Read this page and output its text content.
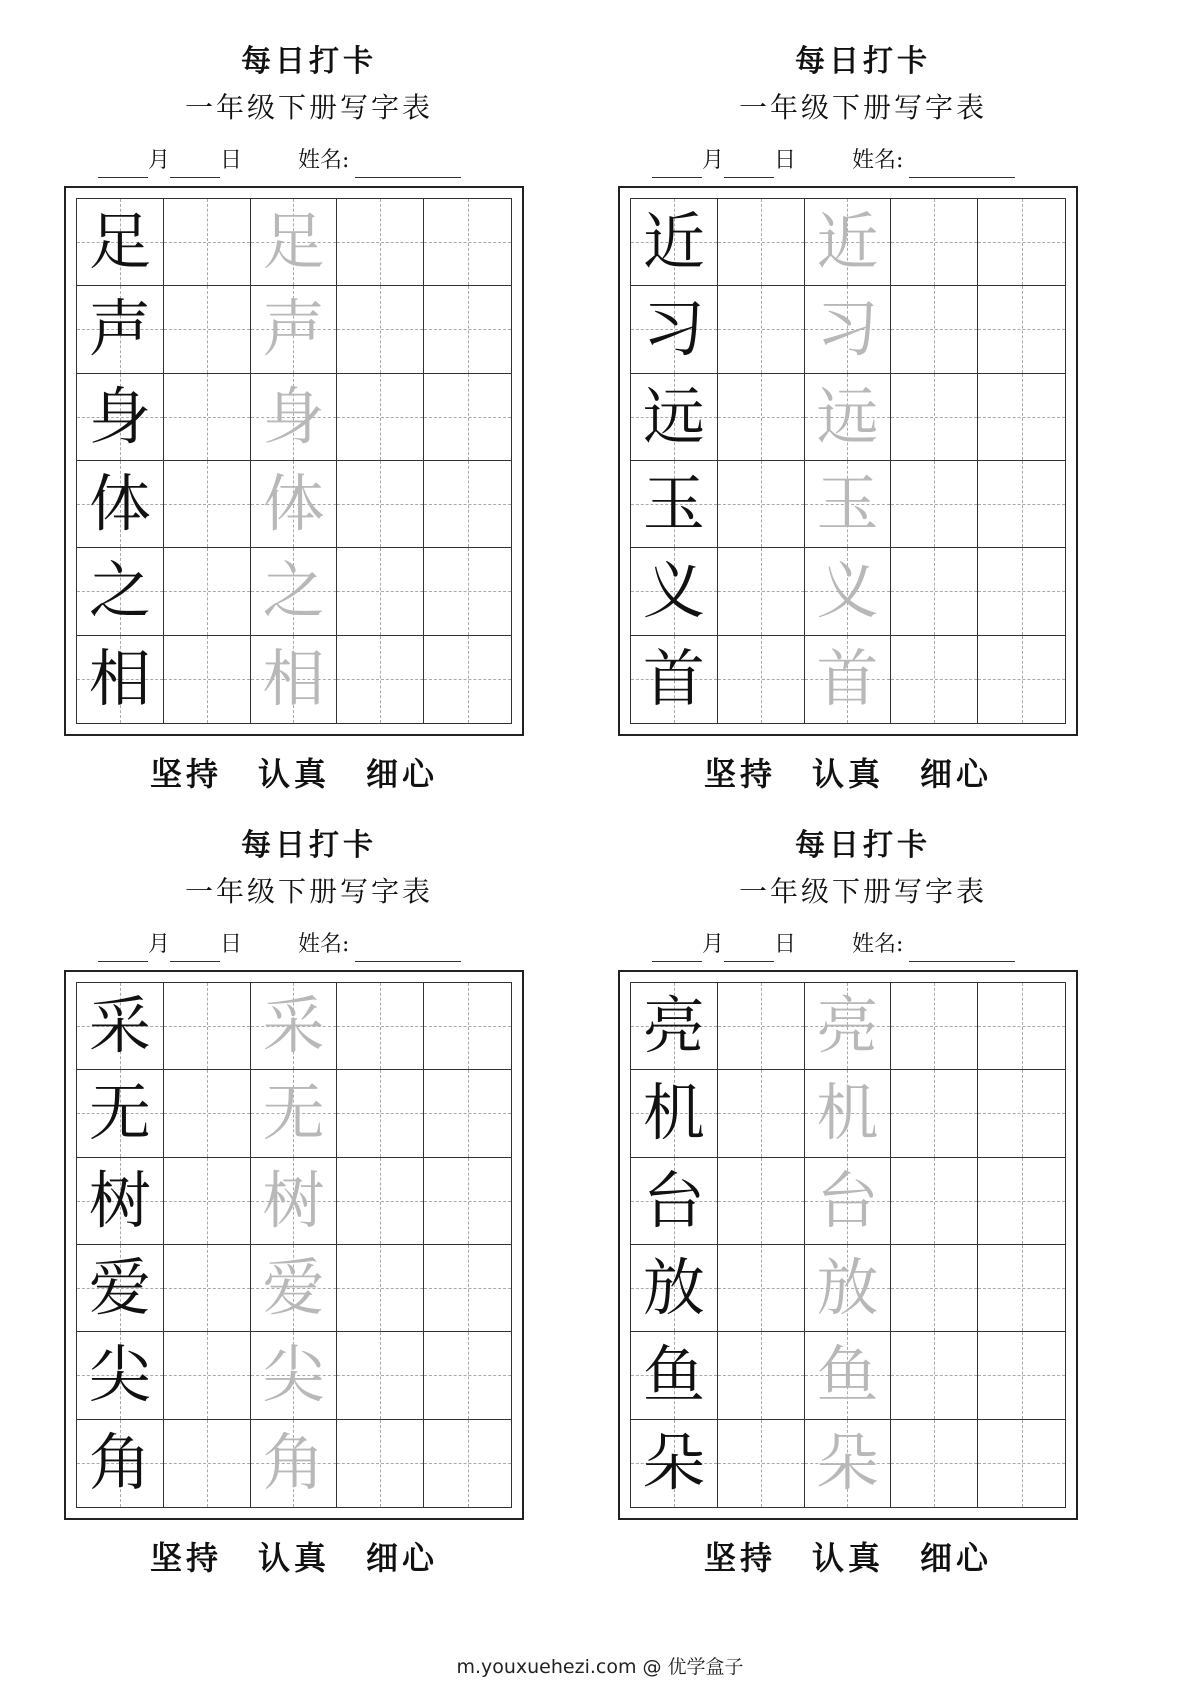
每日打卡
一年级下册写字表
月 日	姓名:
足 足
声 声
身 身
体 体
之 之
相 相
坚持 认真 细心
每日打卡
一年级下册写字表
月 日	姓名:
近 近
习 习
远 远
玉 玉
义 义
首 首
坚持 认真 细心
每日打卡
一年级下册写字表
月 日	姓名:
采 采
无 无
树 树
爱 爱
尖 尖
角 角
坚持 认真 细心
每日打卡
一年级下册写字表
月 日	姓名:
亮 亮
机 机
台 台
放 放
鱼 鱼
朵 朵
坚持 认真 细心
m.youxuehezi.com @ 优学盒子
